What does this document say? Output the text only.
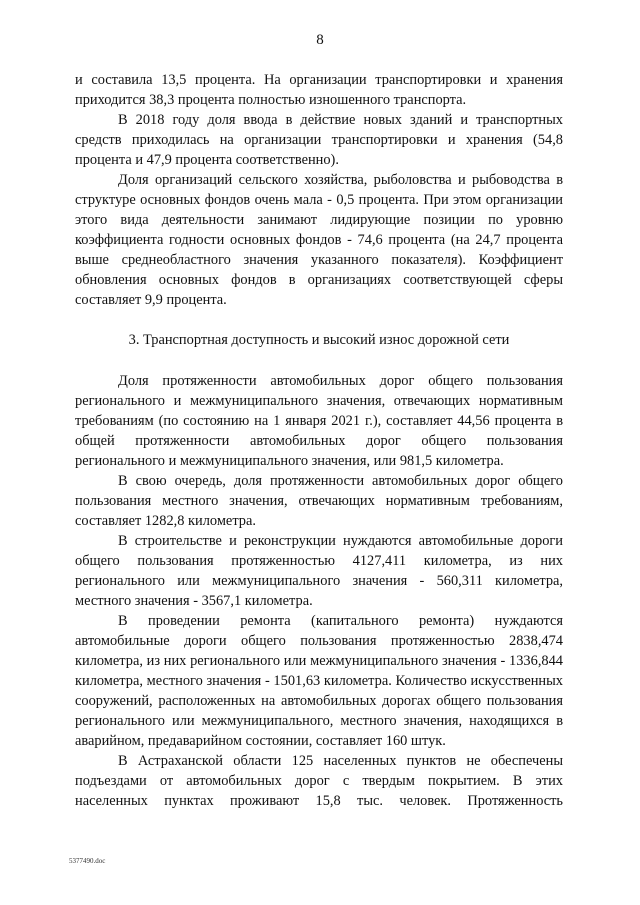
8

и составила 13,5 процента. На организации транспортировки и хранения приходится 38,3 процента полностью изношенного транспорта.

В 2018 году доля ввода в действие новых зданий и транспортных средств приходилась на организации транспортировки и хранения (54,8 процента и 47,9 процента соответственно).

Доля организаций сельского хозяйства, рыболовства и рыбоводства в структуре основных фондов очень мала - 0,5 процента. При этом организации этого вида деятельности занимают лидирующие позиции по уровню коэффициента годности основных фондов - 74,6 процента (на 24,7 процента выше среднеобластного значения указанного показателя). Коэффициент обновления основных фондов в организациях соответствующей сферы составляет 9,9 процента.

3. Транспортная доступность и высокий износ дорожной сети

Доля протяженности автомобильных дорог общего пользования регионального и межмуниципального значения, отвечающих нормативным требованиям (по состоянию на 1 января 2021 г.), составляет 44,56 процента в общей протяженности автомобильных дорог общего пользования регионального и межмуниципального значения, или 981,5 километра.

В свою очередь, доля протяженности автомобильных дорог общего пользования местного значения, отвечающих нормативным требованиям, составляет 1282,8 километра.

В строительстве и реконструкции нуждаются автомобильные дороги общего пользования протяженностью 4127,411 километра, из них регионального или межмуниципального значения - 560,311 километра, местного значения - 3567,1 километра.

В проведении ремонта (капитального ремонта) нуждаются автомобильные дороги общего пользования протяженностью 2838,474 километра, из них регионального или межмуниципального значения - 1336,844 километра, местного значения - 1501,63 километра. Количество искусственных сооружений, расположенных на автомобильных дорогах общего пользования регионального или межмуниципального, местного значения, находящихся в аварийном, предаварийном состоянии, составляет 160 штук.

В Астраханской области 125 населенных пунктов не обеспечены подъездами от автомобильных дорог с твердым покрытием. В этих населенных пунктах проживают 15,8 тыс. человек. Протяженность

5377490.doc
